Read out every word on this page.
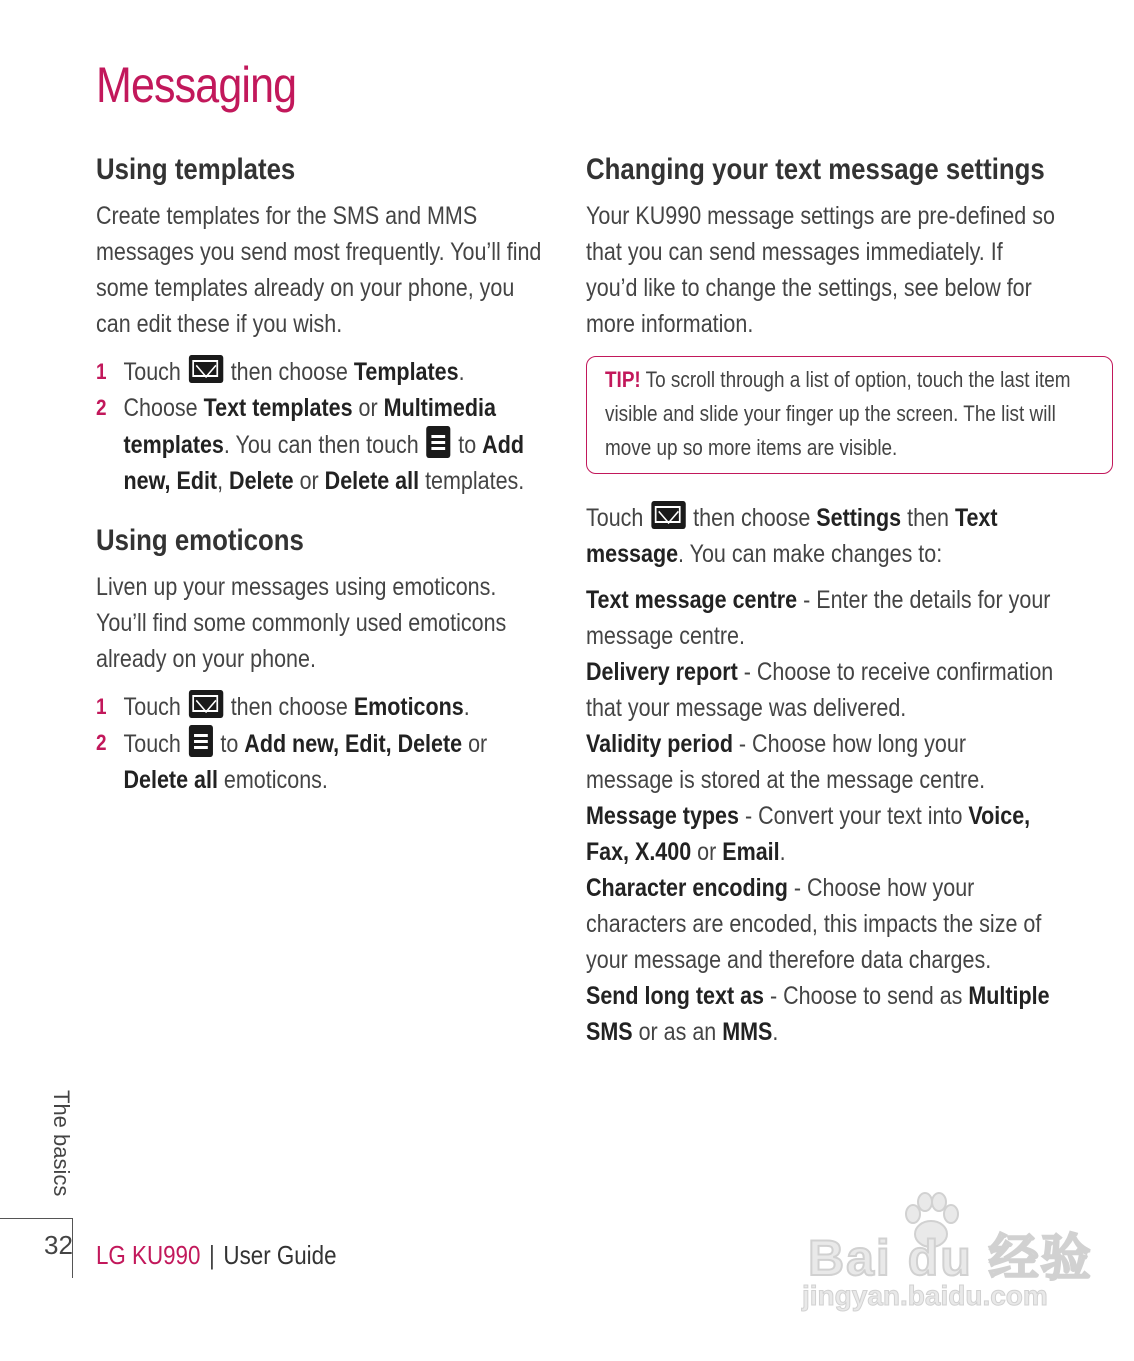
Messaging
Using templates

Create templates for the SMS and MMS messages you send most frequently. You’ll find some templates already on your phone, you can edit these if you wish.

1 Touch then choose Templates.
2 Choose Text templates or Multimedia templates. You can then touch to Add new, Edit, Delete or Delete all templates.
Using emoticons

Liven up your messages using emoticons. You’ll find some commonly used emoticons already on your phone.

1 Touch then choose Emoticons.
2 Touch to Add new, Edit, Delete or Delete all emoticons.
Changing your text message settings

Your KU990 message settings are pre-defined so that you can send messages immediately. If you’d like to change the settings, see below for more information.

TIP! To scroll through a list of option, touch the last item visible and slide your finger up the screen. The list will move up so more items are visible.

Touch then choose Settings then Text message. You can make changes to:

Text message centre - Enter the details for your message centre.

Delivery report - Choose to receive confirmation that your message was delivered.

Validity period - Choose how long your message is stored at the message centre.

Message types - Convert your text into Voice, Fax, X.400 or Email.

Character encoding - Choose how your characters are encoded, this impacts the size of your message and therefore data charges.

Send long text as - Choose to send as Multiple SMS or as an MMS.

The basics
32 LG KU990 | User Guide	Bai du 经验
jingyan.baidu.com
